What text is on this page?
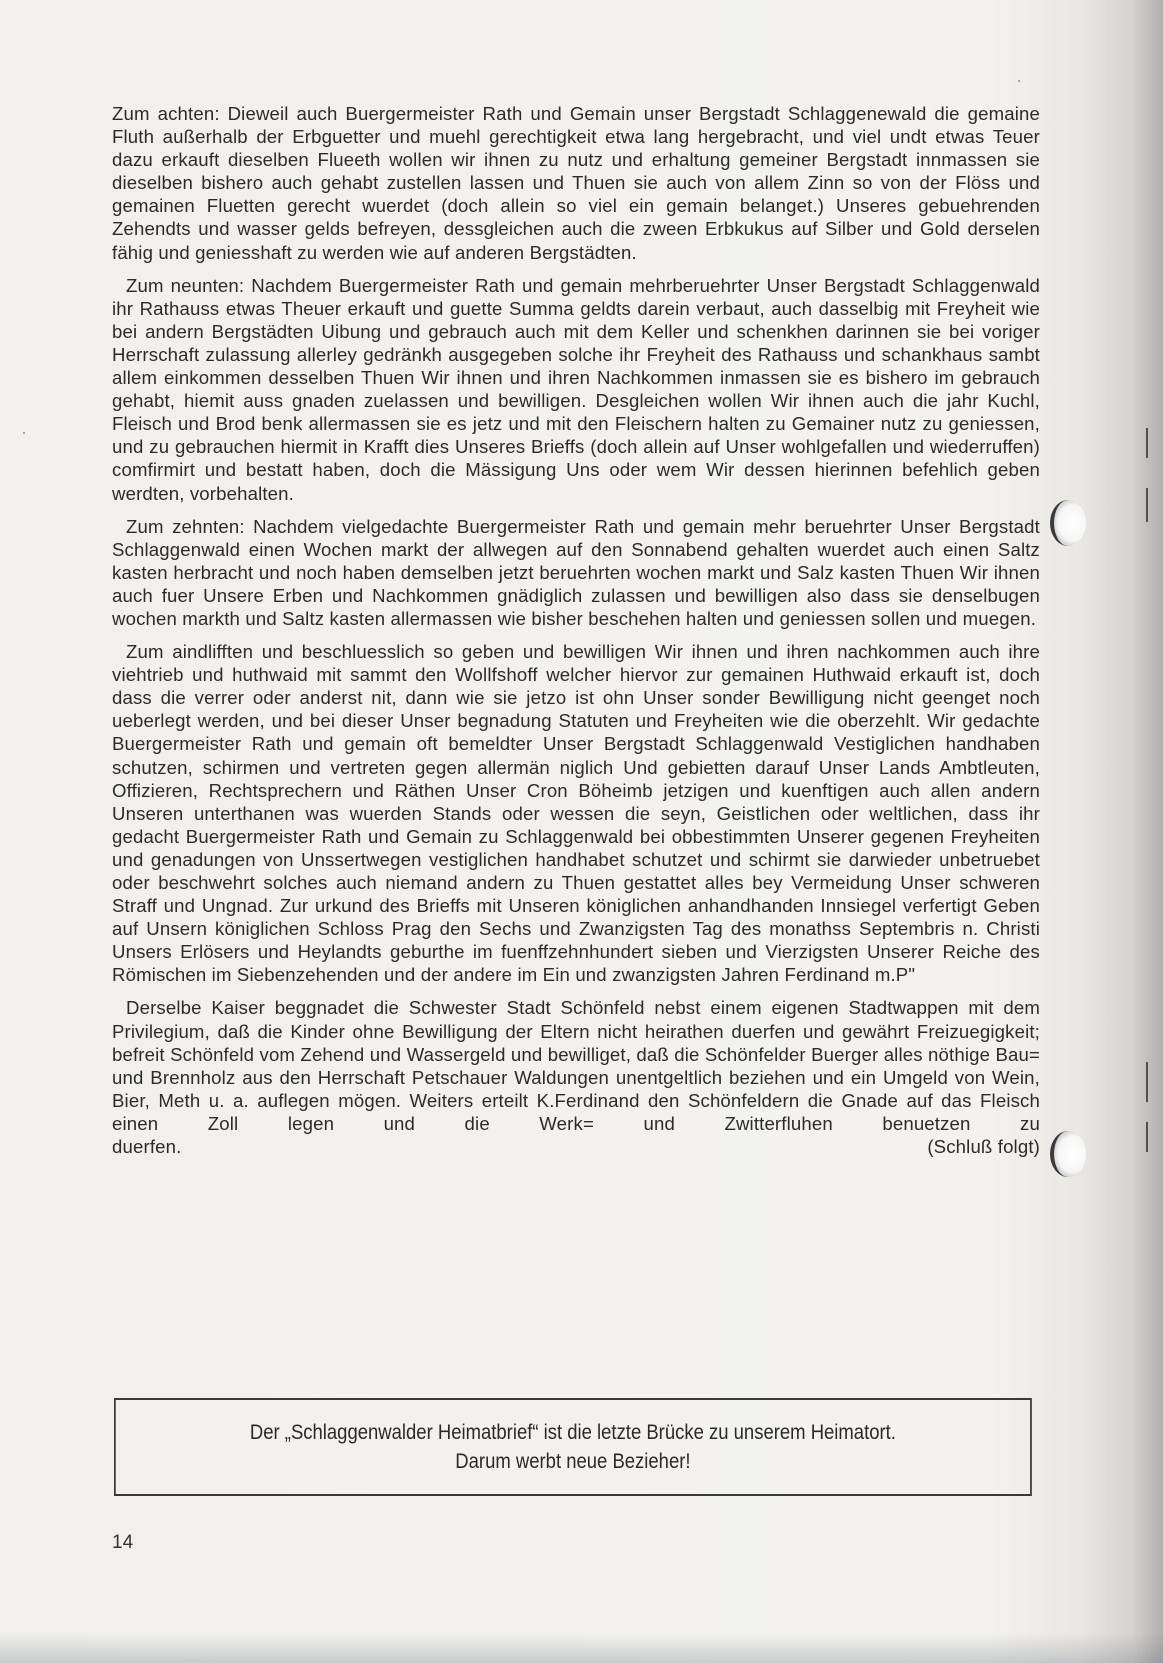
Zum achten: Dieweil auch Buergermeister Rath und Gemain unser Bergstadt Schlaggenewald die gemaine Fluth außerhalb der Erbguetter und muehl gerechtigkeit etwa lang hergebracht, und viel undt etwas Teuer dazu erkauft dieselben Flueeth wollen wir ihnen zu nutz und erhaltung gemeiner Bergstadt innmassen sie dieselben bishero auch gehabt zustellen lassen und Thuen sie auch von allem Zinn so von der Flöss und gemainen Fluetten gerecht wuerdet (doch allein so viel ein gemain belanget.) Unseres gebuehrenden Zehendts und wasser gelds befreyen, dessgleichen auch die zween Erbkukus auf Silber und Gold derselen fähig und geniesshaft zu werden wie auf anderen Bergstädten.

Zum neunten: Nachdem Buergermeister Rath und gemain mehrberuehrter Unser Bergstadt Schlaggenwald ihr Rathauss etwas Theuer erkauft und guette Summa geldts darein verbaut, auch dasselbig mit Freyheit wie bei andern Bergstädten Uibung und gebrauch auch mit dem Keller und schenkhen darinnen sie bei voriger Herrschaft zulassung allerley gedränkh ausgegeben solche ihr Freyheit des Rathauss und schankhaus sambt allem einkommen desselben Thuen Wir ihnen und ihren Nachkommen inmassen sie es bishero im gebrauch gehabt, hiemit auss gnaden zuelassen und bewilligen. Desgleichen wollen Wir ihnen auch die jahr Kuchl, Fleisch und Brod benk allermassen sie es jetz und mit den Fleischern halten zu Gemainer nutz zu geniessen, und zu gebrauchen hiermit in Krafft dies Unseres Brieffs (doch allein auf Unser wohlgefallen und wiederruffen) comfirmirt und bestatt haben, doch die Mässigung Uns oder wem Wir dessen hierinnen befehlich geben werdten, vorbehalten.

Zum zehnten: Nachdem vielgedachte Buergermeister Rath und gemain mehr beruehrter Unser Bergstadt Schlaggenwald einen Wochen markt der allwegen auf den Sonnabend gehalten wuerdet auch einen Saltz kasten herbracht und noch haben demselben jetzt beruehrten wochen markt und Salz kasten Thuen Wir ihnen auch fuer Unsere Erben und Nachkommen gnädiglich zulassen und bewilligen also dass sie denselbugen wochen markth und Saltz kasten allermassen wie bisher beschehen halten und geniessen sollen und muegen.

Zum aindlifften und beschluesslich so geben und bewilligen Wir ihnen und ihren nachkommen auch ihre viehtrieb und huthwaid mit sammt den Wollfshoff welcher hiervor zur gemainen Huthwaid erkauft ist, doch dass die verrer oder anderst nit, dann wie sie jetzo ist ohn Unser sonder Bewilligung nicht geenget noch ueberlegt werden, und bei dieser Unser begnadung Statuten und Freyheiten wie die oberzehlt. Wir gedachte Buergermeister Rath und gemain oft bemeldter Unser Bergstadt Schlaggenwald Vestiglichen handhaben schutzen, schirmen und vertreten gegen allermän niglich Und gebietten darauf Unser Lands Ambtleuten, Offizieren, Rechtsprechern und Räthen Unser Cron Böheimb jetzigen und kuenftigen auch allen andern Unseren unterthanen was wuerden Stands oder wessen die seyn, Geistlichen oder weltlichen, dass ihr gedacht Buergermeister Rath und Gemain zu Schlaggenwald bei obbestimmten Unserer gegenen Freyheiten und genadungen von Unssertwegen vestiglichen handhabet schutzet und schirmt sie darwieder unbetruebet oder beschwehrt solches auch niemand andern zu Thuen gestattet alles bey Vermeidung Unser schweren Straff und Ungnad. Zur urkund des Brieffs mit Unseren königlichen anhandhanden Innsiegel verfertigt Geben auf Unsern königlichen Schloss Prag den Sechs und Zwanzigsten Tag des monathss Septembris n. Christi Unsers Erlösers und Heylandts geburthe im fuenffzehnhundert sieben und Vierzigsten Unserer Reiche des Römischen im Siebenzehenden und der andere im Ein und zwanzigsten Jahren Ferdinand m.P"

Derselbe Kaiser beggnadet die Schwester Stadt Schönfeld nebst einem eigenen Stadtwappen mit dem Privilegium, daß die Kinder ohne Bewilligung der Eltern nicht heirathen duerfen und gewährt Freizuegigkeit; befreit Schönfeld vom Zehend und Wassergeld und bewilliget, daß die Schönfelder Buerger alles nöthige Bau= und Brennholz aus den Herrschaft Petschauer Waldungen unentgeltlich beziehen und ein Umgeld von Wein, Bier, Meth u. a. auflegen mögen. Weiters erteilt K.Ferdinand den Schönfeldern die Gnade auf das Fleisch einen Zoll legen und die Werk= und Zwitterfluhen benuetzen zu

duerfen.	(Schluß folgt)
Der „Schlaggenwalder Heimatbrief“ ist die letzte Brücke zu unserem Heimatort.
Darum werbt neue Bezieher!
14
